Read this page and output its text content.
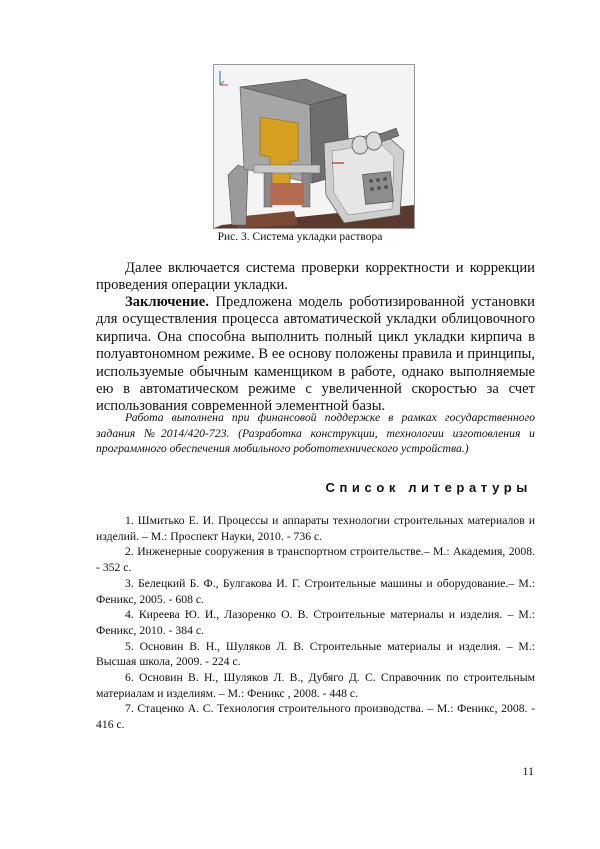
Рис. 3. Система укладки раствора

Далее включается система проверки корректности и коррекции проведения операции укладки.

Заключение. Предложена модель роботизированной установки для осуществления процесса автоматической укладки облицовочного кирпича. Она способна выполнить полный цикл укладки кирпича в полуавтономном режиме. В ее основу положены правила и принципы, используемые обычным каменщиком в работе, однако выполняемые ею в автоматическом режиме с увеличенной скоростью за счет использования современной элементной базы.

Работа выполнена при финансовой поддержке в рамках государственного задания №2014/420-723. (Разработка конструкции, технологии изготовления и программного обеспечения мобильного робототехнического устройства.)

Список литературы

1. Шмитько Е. И. Процессы и аппараты технологии строительных материалов и изделий. – М.: Проспект Науки, 2010. - 736 с.

2. Инженерные сооружения в транспортном строительстве.– М.: Академия, 2008. - 352 с.

3. Белецкий Б. Ф., Булгакова И. Г. Строительные машины и оборудование.– М.: Феникс, 2005. - 608 с.

4. Киреева Ю. И., Лазоренко О. В. Строительные материалы и изделия. – М.: Феникс, 2010. - 384 с.

5. Основин В. Н., Шуляков Л. В. Строительные материалы и изделия. – М.: Высшая школа, 2009. - 224 с.

6. Основин В. Н., Шуляков Л. В., Дубяго Д. С. Справочник по строительным материалам и изделиям. – М.: Феникс , 2008. - 448 с.

7. Стаценко А. С. Технология строительного производства. – М.: Феникс, 2008. - 416 с.

11
